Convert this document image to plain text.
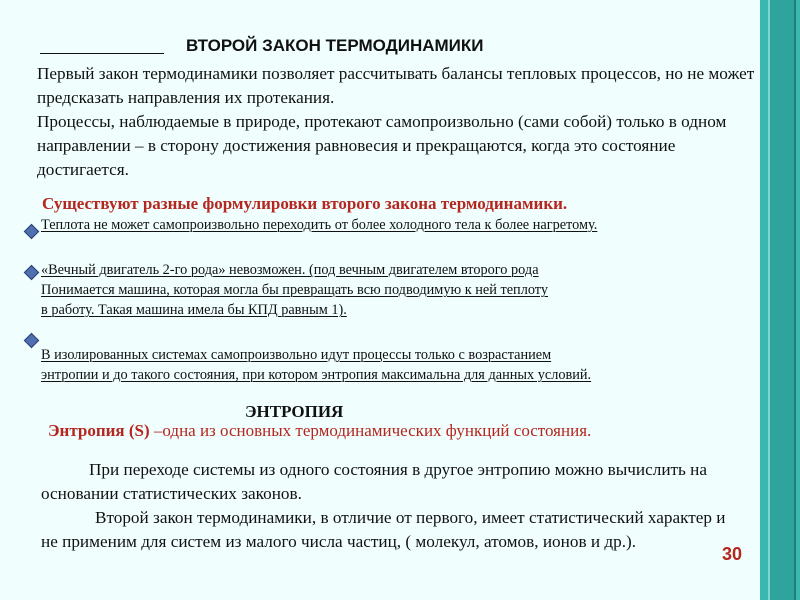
ВТОРОЙ ЗАКОН ТЕРМОДИНАМИКИ

Первый закон термодинамики позволяет рассчитывать балансы тепловых процессов, но не может предсказать направления их протекания.

Процессы, наблюдаемые в природе, протекают самопроизвольно (сами собой) только в одном направлении – в сторону достижения равновесия и прекращаются, когда это состояние достигается.

Существуют разные формулировки второго закона термодинамики.
Теплота не может самопроизвольно переходить от более холодного тела к более нагретому.
«Вечный двигатель 2-го рода» невозможен. (под вечным двигателем второго рода
Понимается машина, которая могла бы превращать всю подводимую к ней теплоту
в работу. Такая машина имела бы КПД равным 1).
В изолированных системах самопроизвольно идут процессы только с возрастанием
энтропии и до такого состояния, при котором энтропия максимальна для данных условий.
ЭНТРОПИЯ
Энтропия (S) –одна из основных термодинамических функций состояния.

При переходе системы из одного состояния в другое энтропию можно вычислить на основании статистических законов.

Второй закон термодинамики, в отличие от первого, имеет статистический характер и не применим для систем из малого числа частиц, ( молекул, атомов, ионов и др.).

30
